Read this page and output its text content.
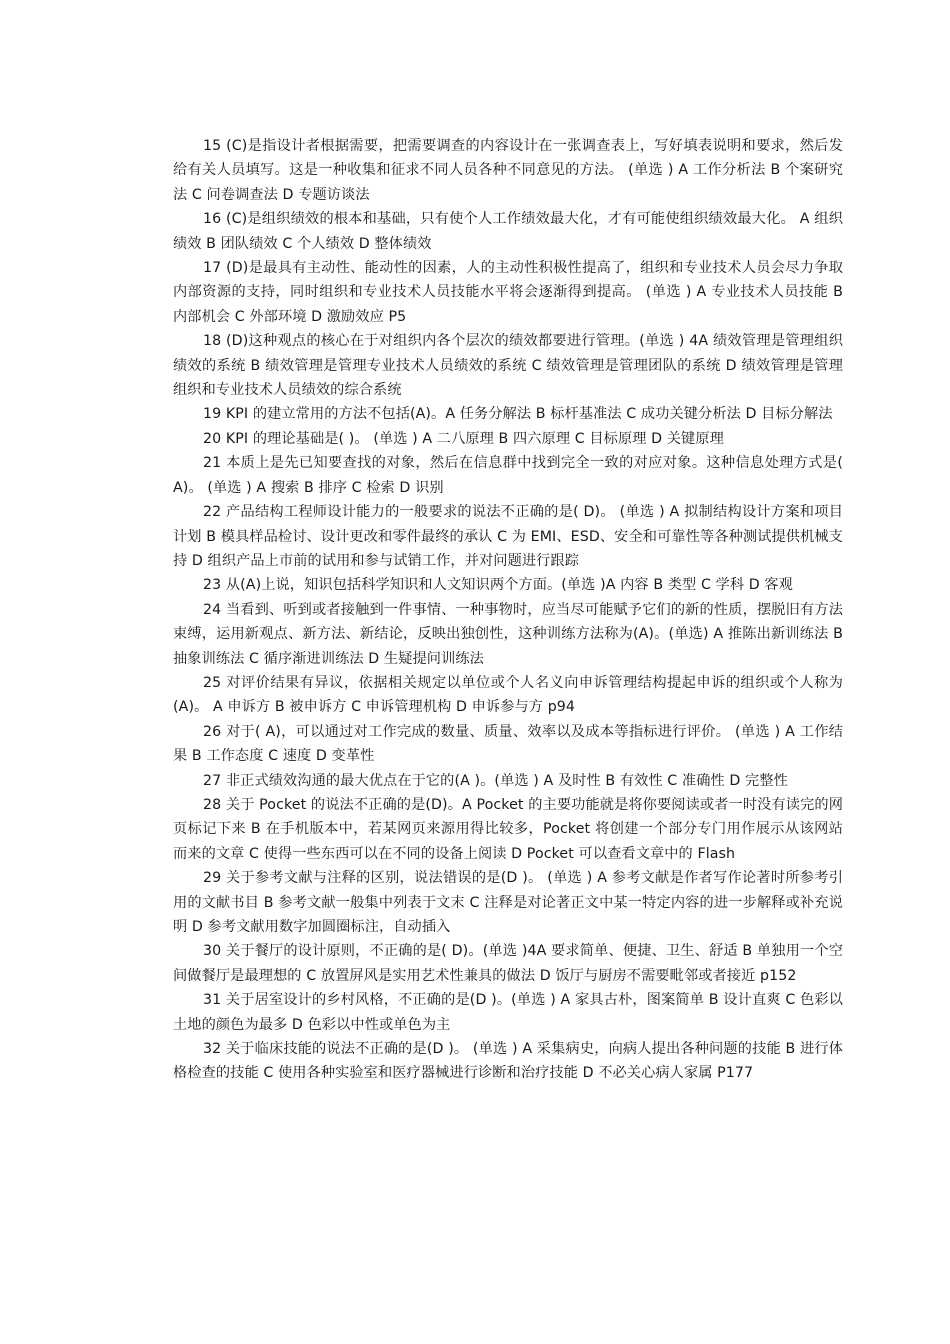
15 (C)是指设计者根据需要，把需要调查的内容设计在一张调查表上，写好填表说明和要求，然后发给有关人员填写。这是一种收集和征求不同人员各种不同意见的方法。 (单选 ) A 工作分析法 B 个案研究法 C 问卷调查法 D 专题访谈法

16 (C)是组织绩效的根本和基础，只有使个人工作绩效最大化，才有可能使组织绩效最大化。 A 组织绩效 B 团队绩效 C 个人绩效 D 整体绩效

17 (D)是最具有主动性、能动性的因素，人的主动性积极性提高了，组织和专业技术人员会尽力争取内部资源的支持，同时组织和专业技术人员技能水平将会逐渐得到提高。 (单选 ) A 专业技术人员技能 B 内部机会 C 外部环境 D 激励效应 P5

18 (D)这种观点的核心在于对组织内各个层次的绩效都要进行管理。(单选 ) 4A 绩效管理是管理组织绩效的系统 B 绩效管理是管理专业技术人员绩效的系统 C 绩效管理是管理团队的系统 D 绩效管理是管理组织和专业技术人员绩效的综合系统

19 KPI 的建立常用的方法不包括(A)。A 任务分解法 B 标杆基准法 C 成功关键分析法 D 目标分解法

20 KPI 的理论基础是( )。 (单选 ) A 二八原理 B 四六原理 C 目标原理 D 关键原理

21 本质上是先已知要查找的对象，然后在信息群中找到完全一致的对应对象。这种信息处理方式是( A)。 (单选 ) A 搜索 B 排序 C 检索 D 识别

22 产品结构工程师设计能力的一般要求的说法不正确的是( D)。 (单选 ) A 拟制结构设计方案和项目计划 B 模具样品检讨、设计更改和零件最终的承认 C 为 EMI、ESD、安全和可靠性等各种测试提供机械支持 D 组织产品上市前的试用和参与试销工作，并对问题进行跟踪

23 从(A)上说，知识包括科学知识和人文知识两个方面。(单选 )A 内容 B 类型 C 学科 D 客观

24 当看到、听到或者接触到一件事情、一种事物时，应当尽可能赋予它们的新的性质，摆脱旧有方法束缚，运用新观点、新方法、新结论，反映出独创性，这种训练方法称为(A)。(单选) A 推陈出新训练法 B 抽象训练法 C 循序渐进训练法 D 生疑提问训练法

25 对评价结果有异议，依据相关规定以单位或个人名义向申诉管理结构提起申诉的组织或个人称为(A)。 A 申诉方 B 被申诉方 C 申诉管理机构 D 申诉参与方 p94

26 对于( A)，可以通过对工作完成的数量、质量、效率以及成本等指标进行评价。 (单选 ) A 工作结果 B 工作态度 C 速度 D 变革性

27 非正式绩效沟通的最大优点在于它的(A )。(单选 ) A 及时性 B 有效性 C 准确性 D 完整性

28 关于 Pocket 的说法不正确的是(D)。A Pocket 的主要功能就是将你要阅读或者一时没有读完的网页标记下来 B 在手机版本中，若某网页来源用得比较多，Pocket 将创建一个部分专门用作展示从该网站而来的文章 C 使得一些东西可以在不同的设备上阅读 D Pocket 可以查看文章中的 Flash

29 关于参考文献与注释的区别，说法错误的是(D )。 (单选 ) A 参考文献是作者写作论著时所参考引用的文献书目 B 参考文献一般集中列表于文末 C 注释是对论著正文中某一特定内容的进一步解释或补充说明 D 参考文献用数字加圆圈标注，自动插入

30 关于餐厅的设计原则，不正确的是( D)。(单选 )4A 要求简单、便捷、卫生、舒适 B 单独用一个空间做餐厅是最理想的 C 放置屏风是实用艺术性兼具的做法 D 饭厅与厨房不需要毗邻或者接近 p152

31 关于居室设计的乡村风格，不正确的是(D )。(单选 ) A 家具古朴，图案简单 B 设计直爽 C 色彩以土地的颜色为最多 D 色彩以中性或单色为主

32 关于临床技能的说法不正确的是(D )。 (单选 ) A 采集病史，向病人提出各种问题的技能 B 进行体格检查的技能 C 使用各种实验室和医疗器械进行诊断和治疗技能 D 不必关心病人家属 P177
